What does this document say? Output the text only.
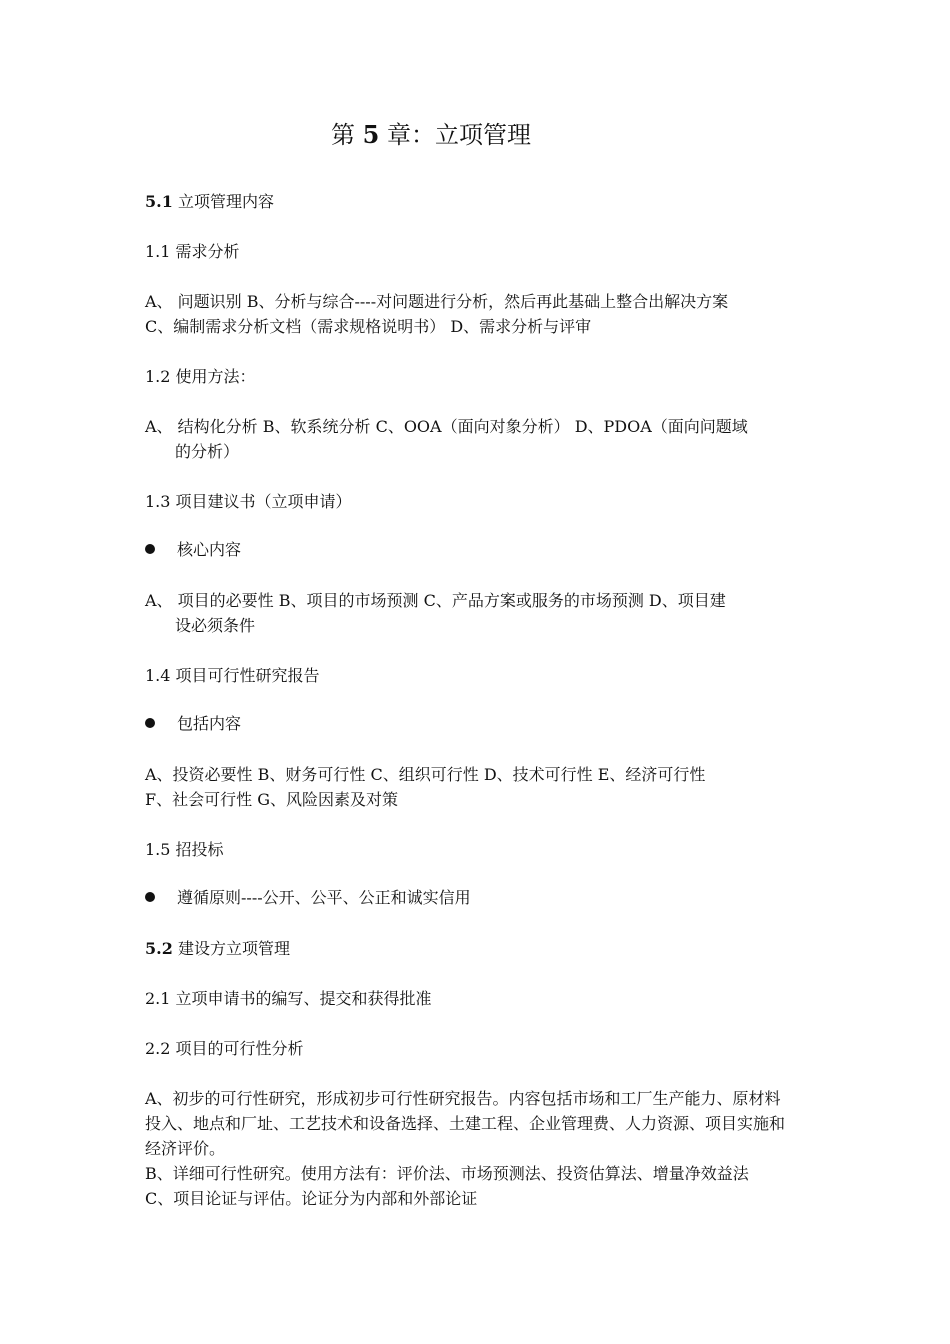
第 5 章：立项管理
5.1 立项管理内容
1.1 需求分析
A、 问题识别 B、分析与综合----对问题进行分析，然后再此基础上整合出解决方案
C、编制需求分析文档（需求规格说明书） D、需求分析与评审
1.2 使用方法：
A、 结构化分析 B、软系统分析 C、OOA（面向对象分析） D、PDOA（面向问题域
的分析）
1.3 项目建议书（立项申请）
核心内容
A、 项目的必要性 B、项目的市场预测 C、产品方案或服务的市场预测 D、项目建
设必须条件
1.4 项目可行性研究报告
包括内容
A、投资必要性 B、财务可行性 C、组织可行性 D、技术可行性 E、经济可行性
F、社会可行性 G、风险因素及对策
1.5 招投标
遵循原则----公开、公平、公正和诚实信用
5.2 建设方立项管理
2.1 立项申请书的编写、提交和获得批准
2.2 项目的可行性分析
A、初步的可行性研究，形成初步可行性研究报告。内容包括市场和工厂生产能力、原材料
投入、地点和厂址、工艺技术和设备选择、土建工程、企业管理费、人力资源、项目实施和
经济评价。
B、详细可行性研究。使用方法有：评价法、市场预测法、投资估算法、增量净效益法
C、项目论证与评估。论证分为内部和外部论证
